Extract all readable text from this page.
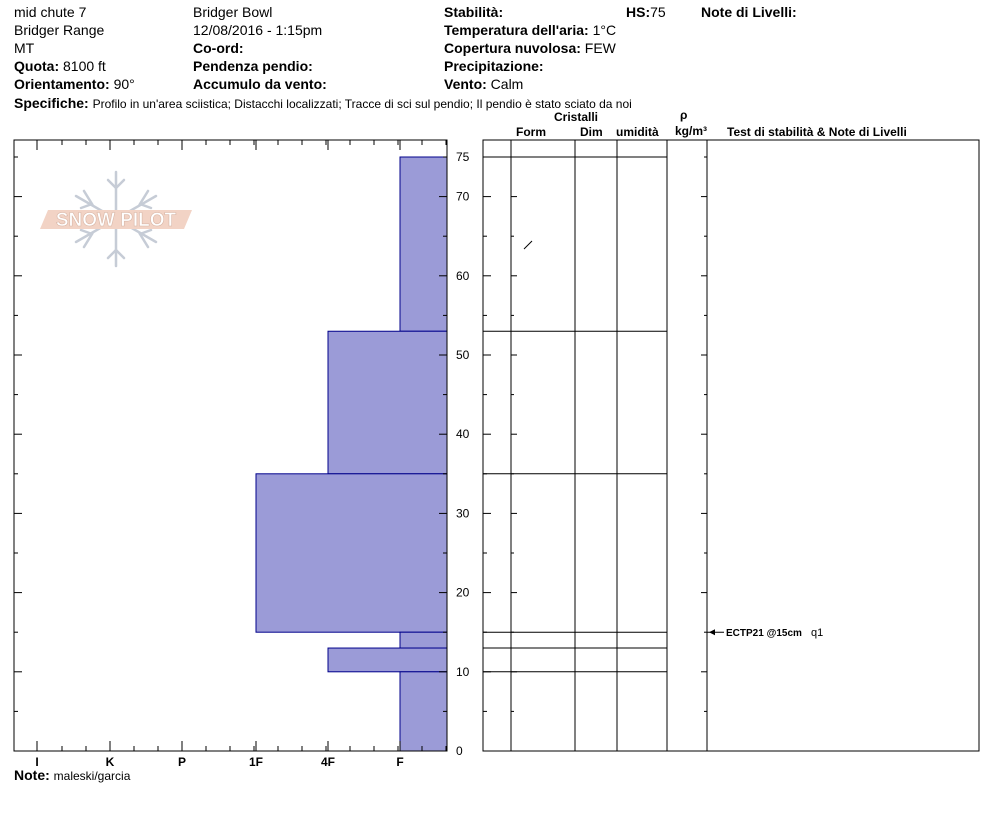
mid chute 7
Bridger Range
MT
Quota: 8100 ft
Orientamento: 90°
Bridger Bowl
12/08/2016 - 1:15pm
Co-ord:
Pendenza pendio:
Accumulo da vento:
Stabilità:	HS:75	Note di Livelli:
Temperatura dell'aria: 1°C
Copertura nuvolosa: FEW
Precipitazione:
Vento: Calm
Specifiche: Profilo in un'area sciistica; Distacchi localizzati; Tracce di sci sul pendio; Il pendio è stato sciato da noi
Cristalli
Form	Dim umidità
ρ
kg/m³ Test di stabilità & Note di Livelli
SNOW PILOT
I	K	P	1F	4F	F
0
10
20
30
40
50
60
70
75
ECTP21 @15cm q1
Note: maleski/garcia
